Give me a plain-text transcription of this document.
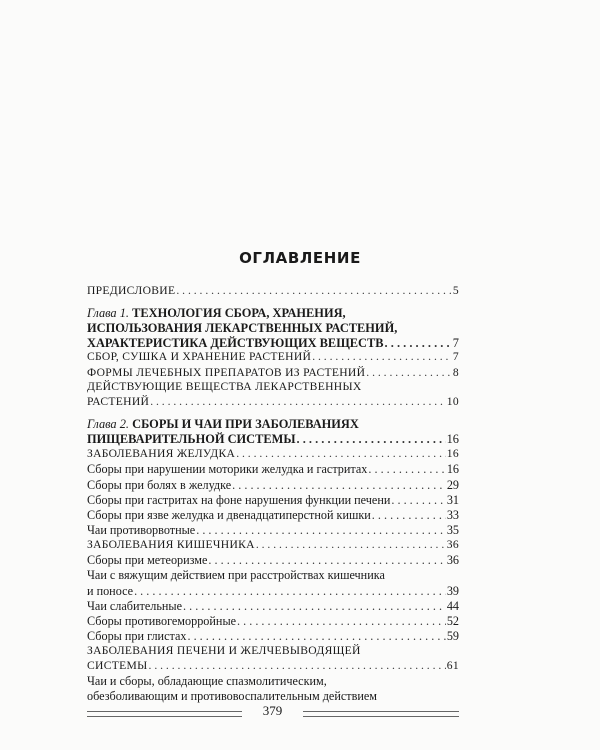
ОГЛАВЛЕНИЕ
ПРЕДИСЛОВИЕ . . .	5
Глава 1. ТЕХНОЛОГИЯ СБОРА, ХРАНЕНИЯ,
ИСПОЛЬЗОВАНИЯ ЛЕКАРСТВЕННЫХ РАСТЕНИЙ,
ХАРАКТЕРИСТИКА ДЕЙСТВУЮЩИХ ВЕЩЕСТВ . . .	7
СБОР, СУШКА И ХРАНЕНИЕ РАСТЕНИЙ . . .	7
ФОРМЫ ЛЕЧЕБНЫХ ПРЕПАРАТОВ ИЗ РАСТЕНИЙ . . .	8
ДЕЙСТВУЮЩИЕ ВЕЩЕСТВА ЛЕКАРСТВЕННЫХ
РАСТЕНИЙ . . .	10
Глава 2. СБОРЫ И ЧАИ ПРИ ЗАБОЛЕВАНИЯХ
ПИЩЕВАРИТЕЛЬНОЙ СИСТЕМЫ . . .	16
ЗАБОЛЕВАНИЯ ЖЕЛУДКА . . .	16
Сборы при нарушении моторики желудка и гастритах . . .	16
Сборы при болях в желудке . . .	29
Сборы при гастритах на фоне нарушения функции печени . . .	31
Сборы при язве желудка и двенадцатиперстной кишки . . .	33
Чаи противорвотные . . .	35
ЗАБОЛЕВАНИЯ КИШЕЧНИКА . . .	36
Сборы при метеоризме . . .	36
Чаи с вяжущим действием при расстройствах кишечника
и поносе . . .	39
Чаи слабительные . . .	44
Сборы противогеморройные . . .	52
Сборы при глистах . . .	59
ЗАБОЛЕВАНИЯ ПЕЧЕНИ И ЖЕЛЧЕВЫВОДЯЩЕЙ
СИСТЕМЫ . . .	61
Чаи и сборы, обладающие спазмолитическим,
обезболивающим и противовоспалительным действием
379
